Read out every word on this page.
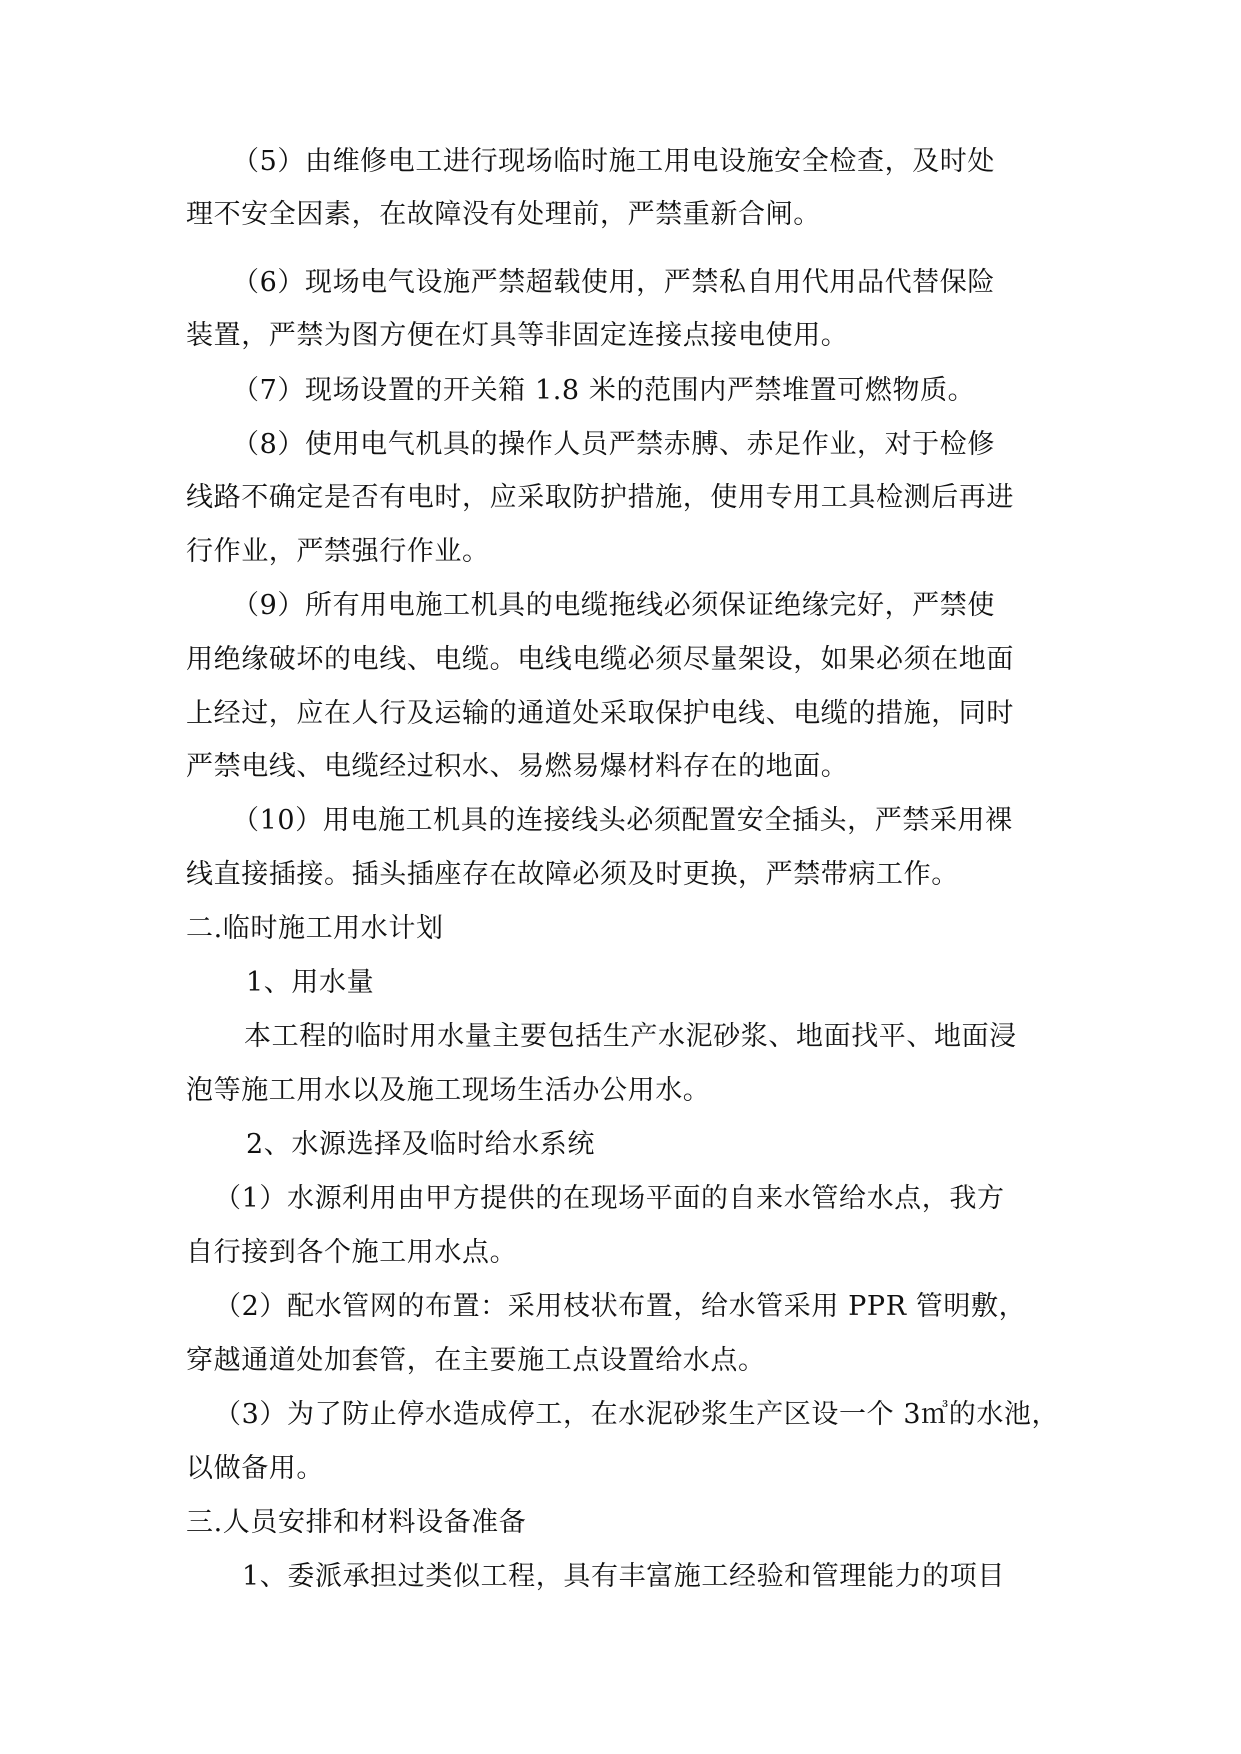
（5）由维修电工进行现场临时施工用电设施安全检查，及时处
理不安全因素，在故障没有处理前，严禁重新合闸。
（6）现场电气设施严禁超载使用，严禁私自用代用品代替保险
装置，严禁为图方便在灯具等非固定连接点接电使用。
（7）现场设置的开关箱 1.8 米的范围内严禁堆置可燃物质。
（8）使用电气机具的操作人员严禁赤膊、赤足作业，对于检修
线路不确定是否有电时，应采取防护措施，使用专用工具检测后再进
行作业，严禁强行作业。
（9）所有用电施工机具的电缆拖线必须保证绝缘完好，严禁使
用绝缘破坏的电线、电缆。电线电缆必须尽量架设，如果必须在地面
上经过，应在人行及运输的通道处采取保护电线、电缆的措施，同时
严禁电线、电缆经过积水、易燃易爆材料存在的地面。
（10）用电施工机具的连接线头必须配置安全插头，严禁采用裸
线直接插接。插头插座存在故障必须及时更换，严禁带病工作。
二.临时施工用水计划
1、用水量
本工程的临时用水量主要包括生产水泥砂浆、地面找平、地面浸
泡等施工用水以及施工现场生活办公用水。
2、水源选择及临时给水系统
（1）水源利用由甲方提供的在现场平面的自来水管给水点，我方
自行接到各个施工用水点。
（2）配水管网的布置：采用枝状布置，给水管采用 PPR 管明敷，
穿越通道处加套管，在主要施工点设置给水点。
（3）为了防止停水造成停工，在水泥砂浆生产区设一个 3㎥的水池，
以做备用。
三.人员安排和材料设备准备
1、委派承担过类似工程，具有丰富施工经验和管理能力的项目
